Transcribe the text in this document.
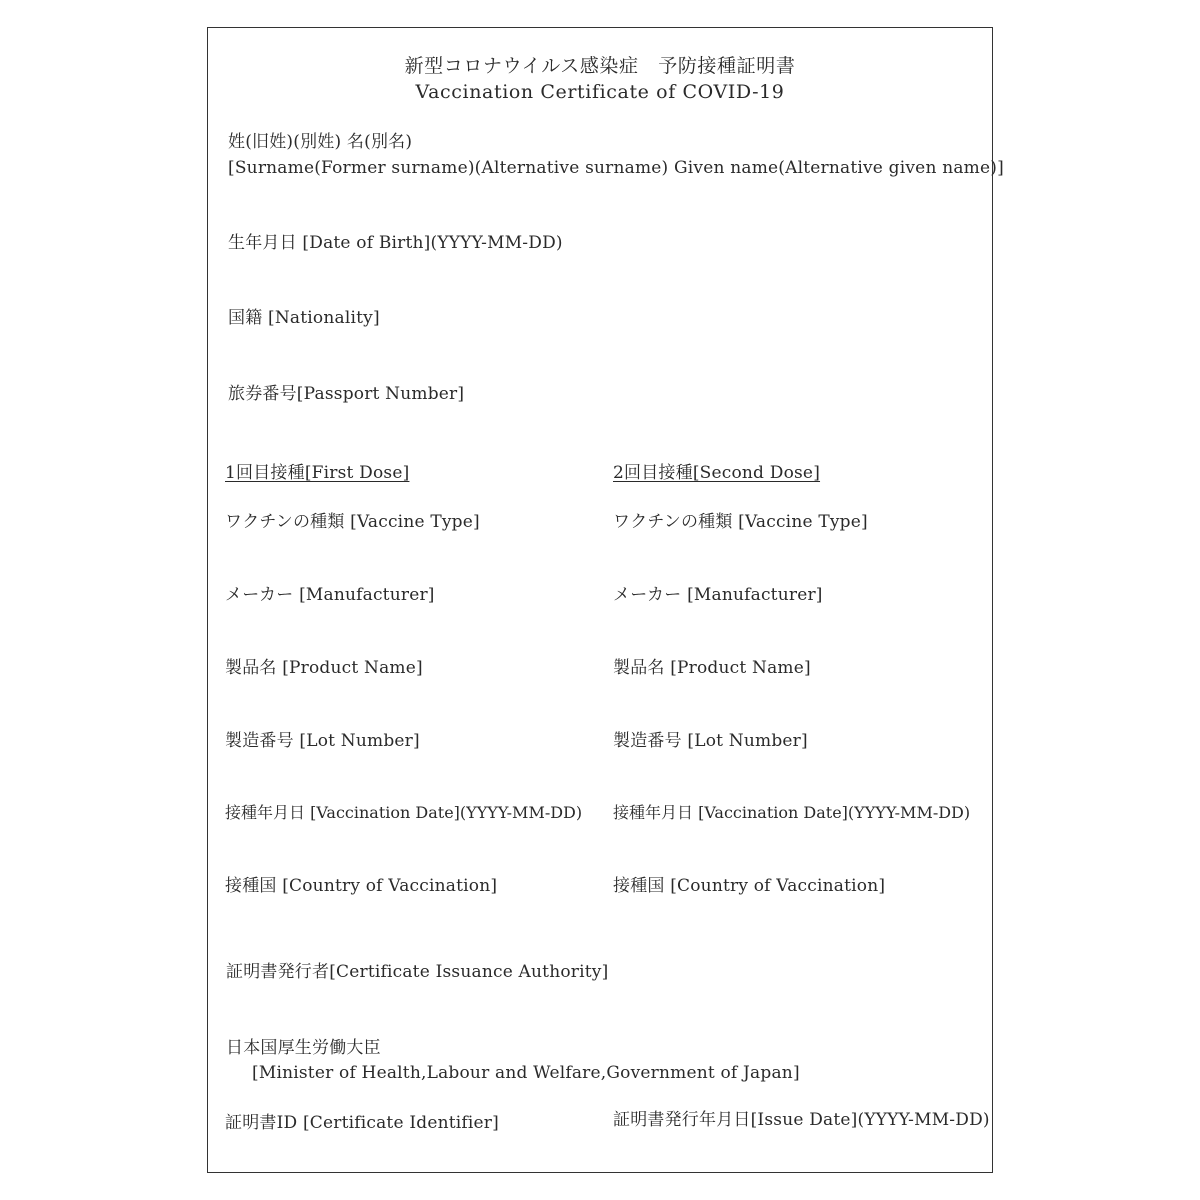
新型コロナウイルス感染症　予防接種証明書
Vaccination Certificate of COVID-19
姓(旧姓)(別姓) 名(別名)
[Surname(Former surname)(Alternative surname) Given name(Alternative given name)]
生年月日 [Date of Birth](YYYY-MM-DD)
国籍 [Nationality]
旅券番号[Passport Number]
1回目接種[First Dose]
ワクチンの種類 [Vaccine Type]
メーカー [Manufacturer]
製品名 [Product Name]
製造番号 [Lot Number]
接種年月日 [Vaccination Date](YYYY-MM-DD)
接種国 [Country of Vaccination]
2回目接種[Second Dose]
ワクチンの種類 [Vaccine Type]
メーカー [Manufacturer]
製品名 [Product Name]
製造番号 [Lot Number]
接種年月日 [Vaccination Date](YYYY-MM-DD)
接種国 [Country of Vaccination]
証明書発行者[Certificate Issuance Authority]
日本国厚生労働大臣
[Minister of Health,Labour and Welfare,Government of Japan]
証明書ID [Certificate Identifier]	証明書発行年月日[Issue Date](YYYY-MM-DD)
